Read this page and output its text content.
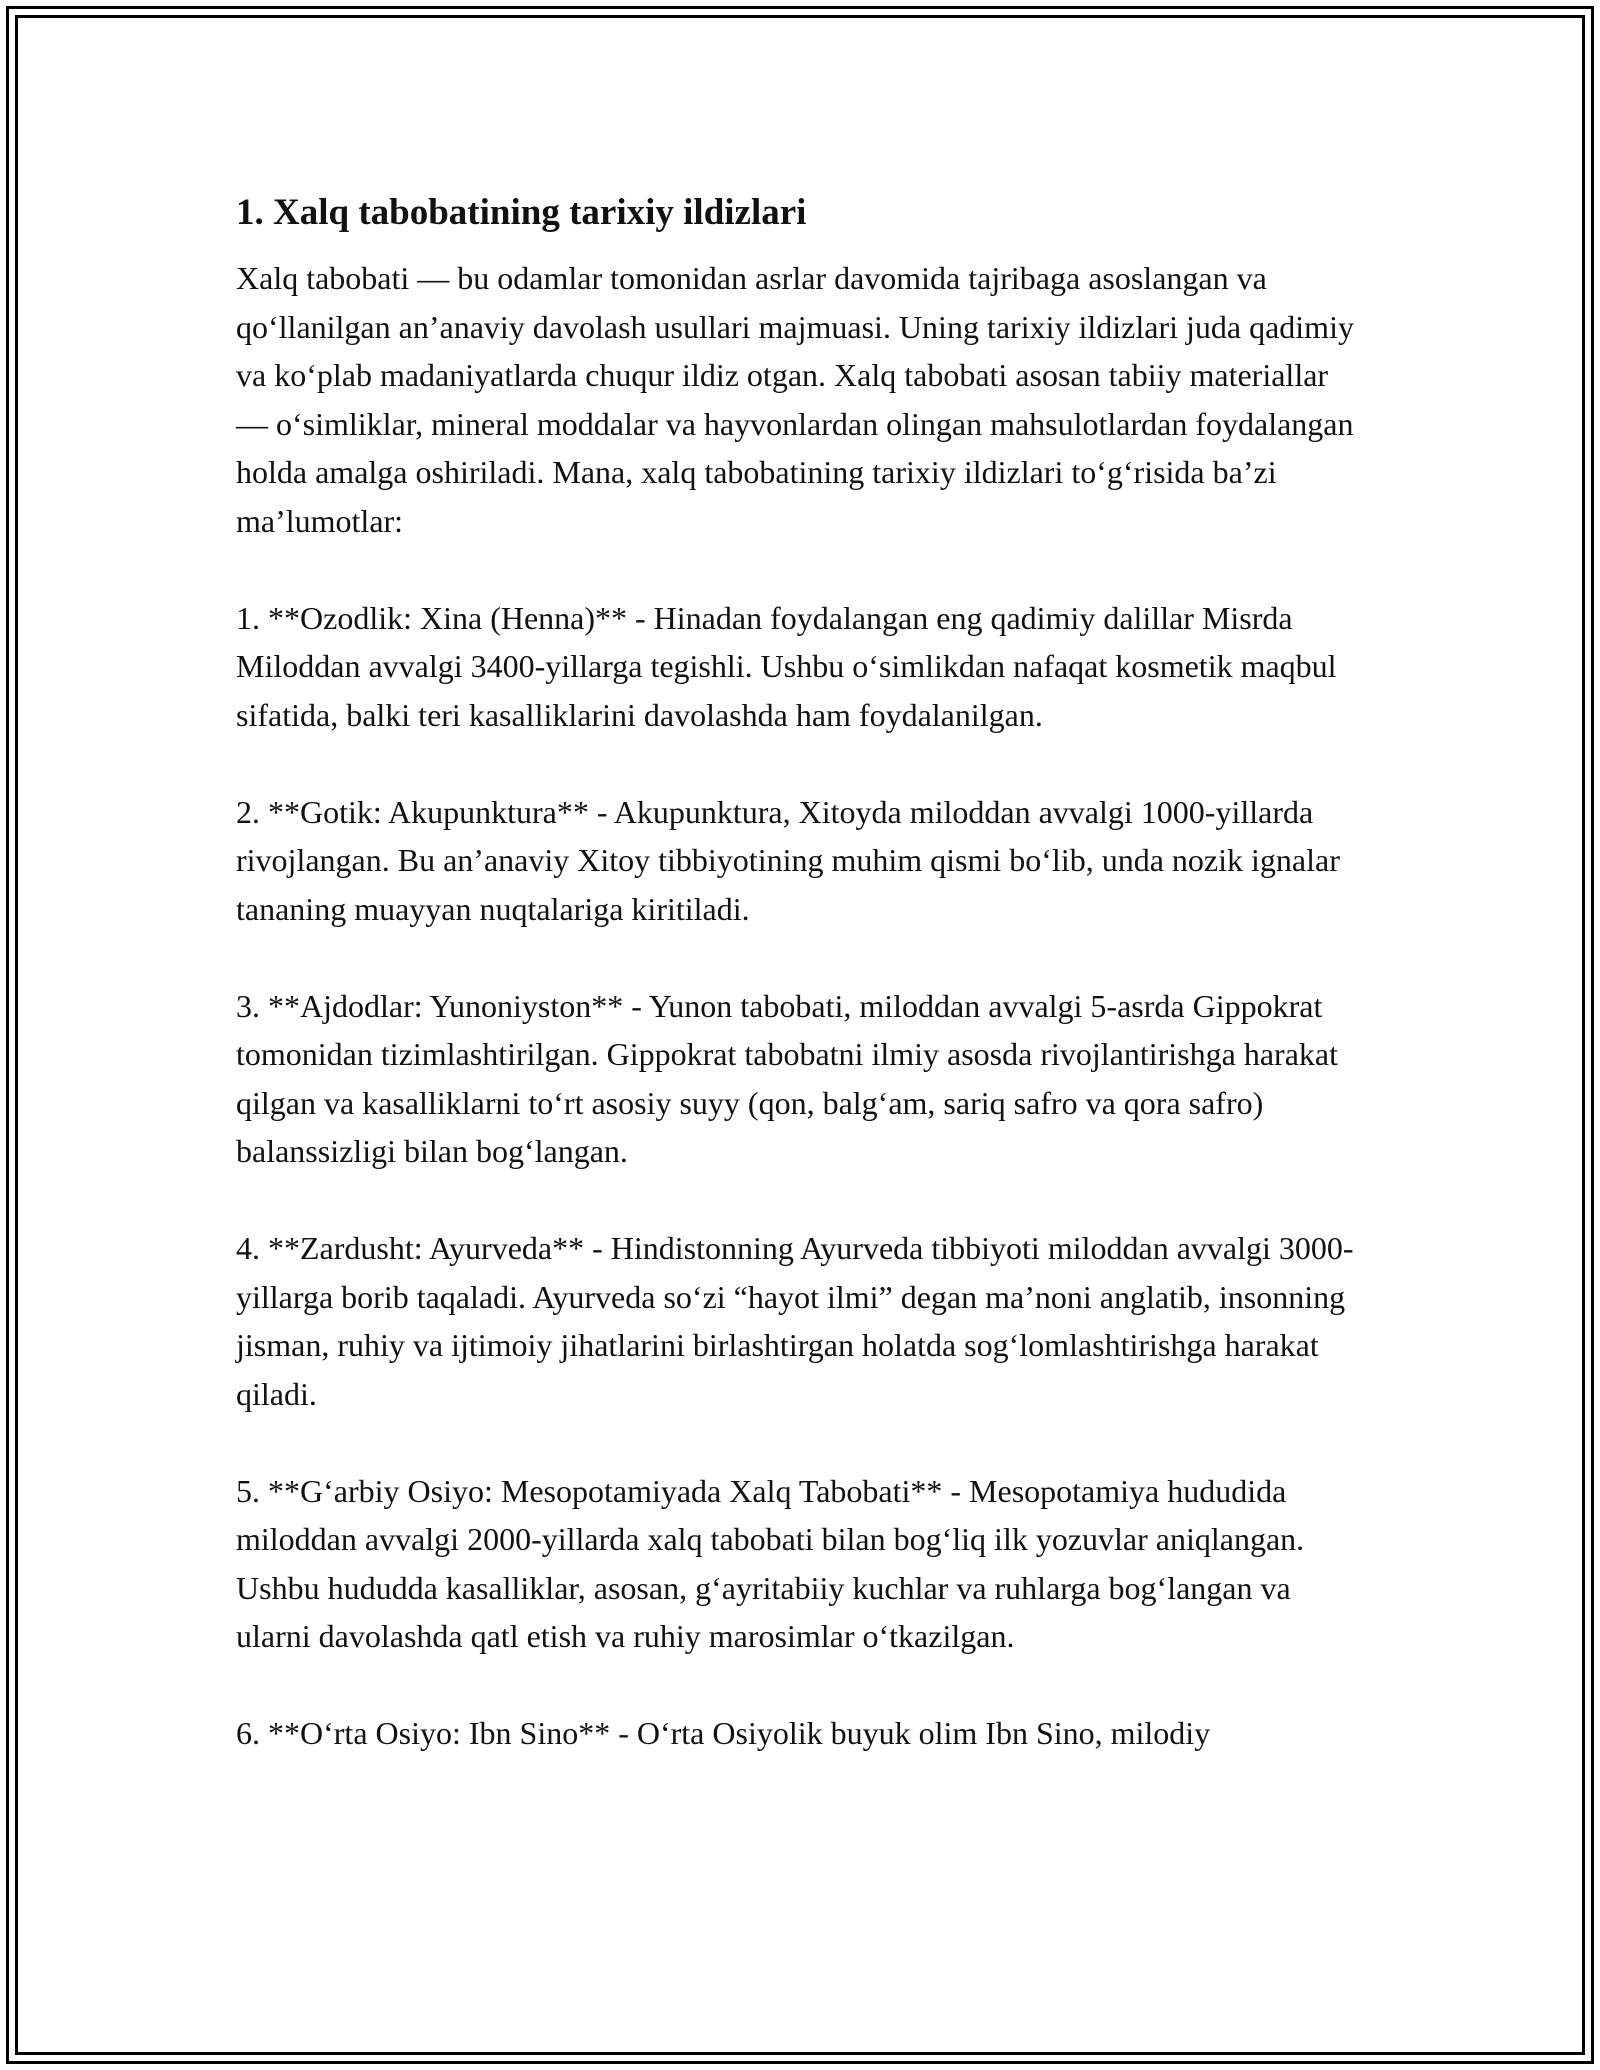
1. Xalq tabobatining tarixiy ildizlari

Xalq tabobati — bu odamlar tomonidan asrlar davomida tajribaga asoslangan va qo‘llanilgan an’anaviy davolash usullari majmuasi. Uning tarixiy ildizlari juda qadimiy va ko‘plab madaniyatlarda chuqur ildiz otgan. Xalq tabobati asosan tabiiy materiallar — o‘simliklar, mineral moddalar va hayvonlardan olingan mahsulotlardan foydalangan holda amalga oshiriladi. Mana, xalq tabobatining tarixiy ildizlari to‘g‘risida ba’zi ma’lumotlar:

1. **Ozodlik: Xina (Henna)** - Hinadan foydalangan eng qadimiy dalillar Misrda Miloddan avvalgi 3400-yillarga tegishli. Ushbu o‘simlikdan nafaqat kosmetik maqbul sifatida, balki teri kasalliklarini davolashda ham foydalanilgan.

2. **Gotik: Akupunktura** - Akupunktura, Xitoyda miloddan avvalgi 1000-yillarda rivojlangan. Bu an’anaviy Xitoy tibbiyotining muhim qismi bo‘lib, unda nozik ignalar tananing muayyan nuqtalariga kiritiladi.

3. **Ajdodlar: Yunoniyston** - Yunon tabobati, miloddan avvalgi 5-asrda Gippokrat tomonidan tizimlashtirilgan. Gippokrat tabobatni ilmiy asosda rivojlantirishga harakat qilgan va kasalliklarni to‘rt asosiy suyy (qon, balg‘am, sariq safro va qora safro) balanssizligi bilan bog‘langan.

4. **Zardusht: Ayurveda** - Hindistonning Ayurveda tibbiyoti miloddan avvalgi 3000-yillarga borib taqaladi. Ayurveda so‘zi “hayot ilmi” degan ma’noni anglatib, insonning jisman, ruhiy va ijtimoiy jihatlarini birlashtirgan holatda sog‘lomlashtirishga harakat qiladi.

5. **G‘arbiy Osiyo: Mesopotamiyada Xalq Tabobati** - Mesopotamiya hududida miloddan avvalgi 2000-yillarda xalq tabobati bilan bog‘liq ilk yozuvlar aniqlangan. Ushbu hududda kasalliklar, asosan, g‘ayritabiiy kuchlar va ruhlarga bog‘langan va ularni davolashda qatl etish va ruhiy marosimlar o‘tkazilgan.

6. **O‘rta Osiyo: Ibn Sino** - O‘rta Osiyolik buyuk olim Ibn Sino, milodiy
